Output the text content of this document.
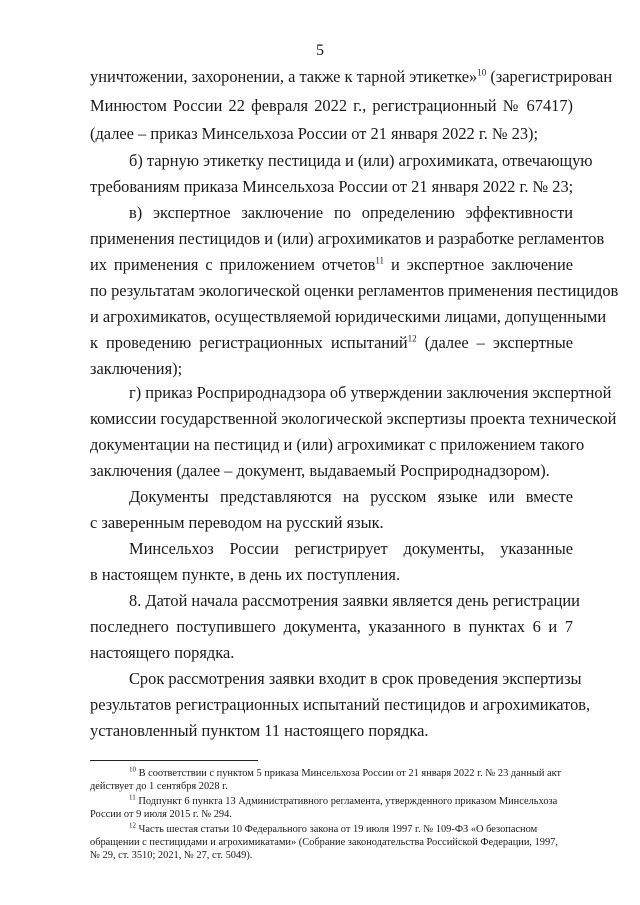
5
уничтожении, захоронении, а также к тарной этикетке»$^{10}$ (зарегистрирован
Минюстом России 22 февраля 2022 г., регистрационный № 67417)
(далее – приказ Минсельхоза России от 21 января 2022 г. № 23);
б) тарную этикетку пестицида и (или) агрохимиката, отвечающую
требованиям приказа Минсельхоза России от 21 января 2022 г. № 23;
в) экспертное заключение по определению эффективности
применения пестицидов и (или) агрохимикатов и разработке регламентов
их применения с приложением отчетов$^{11}$ и экспертное заключение
по результатам экологической оценки регламентов применения пестицидов
и агрохимикатов, осуществляемой юридическими лицами, допущенными
к проведению регистрационных испытаний$^{12}$ (далее – экспертные
заключения);
г) приказ Росприроднадзора об утверждении заключения экспертной
комиссии государственной экологической экспертизы проекта технической
документации на пестицид и (или) агрохимикат с приложением такого
заключения (далее – документ, выдаваемый Росприроднадзором).
Документы представляются на русском языке или вместе
с заверенным переводом на русский язык.
Минсельхоз России регистрирует документы, указанные
в настоящем пункте, в день их поступления.
8. Датой начала рассмотрения заявки является день регистрации
последнего поступившего документа, указанного в пунктах 6 и 7
настоящего порядка.
Срок рассмотрения заявки входит в срок проведения экспертизы
результатов регистрационных испытаний пестицидов и агрохимикатов,
установленный пунктом 11 настоящего порядка.
$^{10}$ В соответствии с пунктом 5 приказа Минсельхоза России от 21 января 2022 г. № 23 данный акт
действует до 1 сентября 2028 г.
$^{11}$ Подпункт 6 пункта 13 Административного регламента, утвержденного приказом Минсельхоза
России от 9 июля 2015 г. № 294.
$^{12}$ Часть шестая статьи 10 Федерального закона от 19 июля 1997 г. № 109-ФЗ «О безопасном
обращении с пестицидами и агрохимикатами» (Собрание законодательства Российской Федерации, 1997,
№ 29, ст. 3510; 2021, № 27, ст. 5049).
